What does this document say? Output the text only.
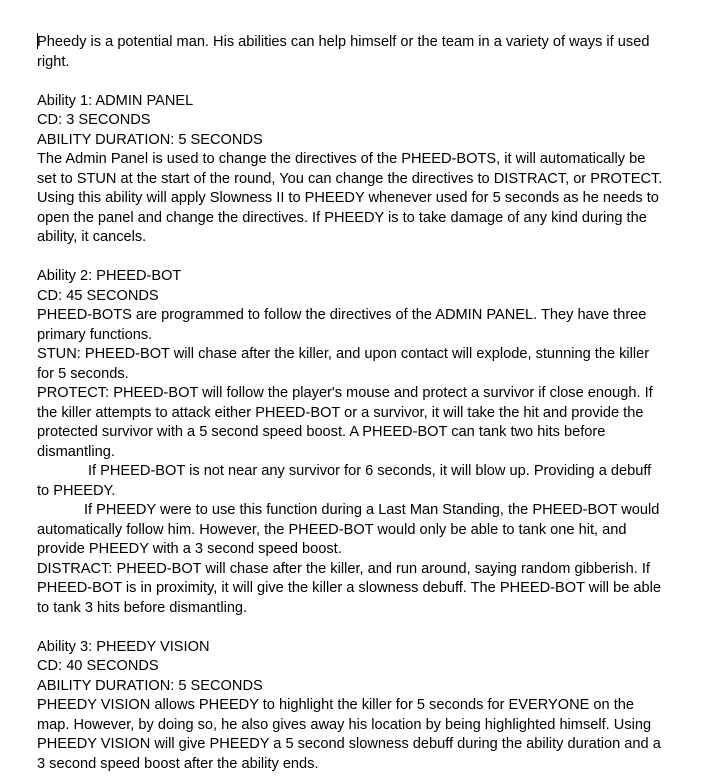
Pheedy is a potential man. His abilities can help himself or the team in a variety of ways if used right.

Ability 1: ADMIN PANEL

CD: 3 SECONDS

ABILITY DURATION: 5 SECONDS

The Admin Panel is used to change the directives of the PHEED-BOTS, it will automatically be set to STUN at the start of the round, You can change the directives to DISTRACT, or PROTECT. Using this ability will apply Slowness II to PHEEDY whenever used for 5 seconds as he needs to open the panel and change the directives. If PHEEDY is to take damage of any kind during the ability, it cancels.

Ability 2: PHEED-BOT

CD: 45 SECONDS

PHEED-BOTS are programmed to follow the directives of the ADMIN PANEL. They have three primary functions.

STUN: PHEED-BOT will chase after the killer, and upon contact will explode, stunning the killer for 5 seconds.

PROTECT: PHEED-BOT will follow the player's mouse and protect a survivor if close enough. If the killer attempts to attack either PHEED-BOT or a survivor, it will take the hit and provide the protected survivor with a 5 second speed boost. A PHEED-BOT can tank two hits before dismantling.

If PHEED-BOT is not near any survivor for 6 seconds, it will blow up. Providing a debuff to PHEEDY.

If PHEEDY were to use this function during a Last Man Standing, the PHEED-BOT would automatically follow him. However, the PHEED-BOT would only be able to tank one hit, and provide PHEEDY with a 3 second speed boost.

DISTRACT: PHEED-BOT will chase after the killer, and run around, saying random gibberish. If PHEED-BOT is in proximity, it will give the killer a slowness debuff. The PHEED-BOT will be able to tank 3 hits before dismantling.

Ability 3: PHEEDY VISION

CD: 40 SECONDS

ABILITY DURATION: 5 SECONDS

PHEEDY VISION allows PHEEDY to highlight the killer for 5 seconds for EVERYONE on the map. However, by doing so, he also gives away his location by being highlighted himself. Using PHEEDY VISION will give PHEEDY a 5 second slowness debuff during the ability duration and a 3 second speed boost after the ability ends.
